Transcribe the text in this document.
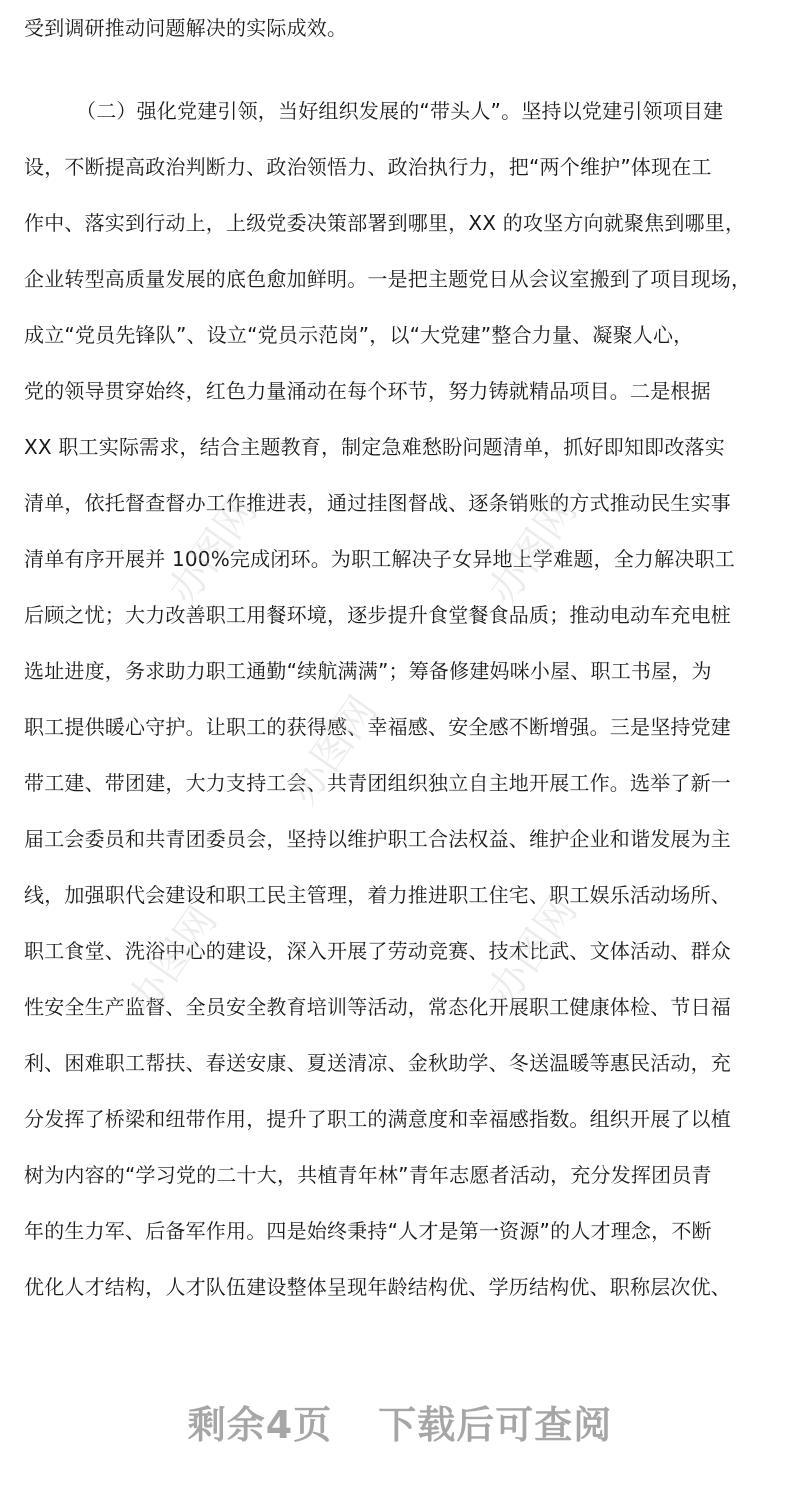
受到调研推动问题解决的实际成效。
（二）强化党建引领，当好组织发展的“带头人”。坚持以党建引领项目建
设，不断提高政治判断力、政治领悟力、政治执行力，把“两个维护”体现在工
作中、落实到行动上，上级党委决策部署到哪里，XX 的攻坚方向就聚焦到哪里，
企业转型高质量发展的底色愈加鲜明。一是把主题党日从会议室搬到了项目现场，
成立“党员先锋队”、设立“党员示范岗”，以“大党建”整合力量、凝聚人心，
党的领导贯穿始终，红色力量涌动在每个环节，努力铸就精品项目。二是根据
XX 职工实际需求，结合主题教育，制定急难愁盼问题清单，抓好即知即改落实
清单，依托督查督办工作推进表，通过挂图督战、逐条销账的方式推动民生实事
清单有序开展并 100%完成闭环。为职工解决子女异地上学难题，全力解决职工
后顾之忧；大力改善职工用餐环境，逐步提升食堂餐食品质；推动电动车充电桩
选址进度，务求助力职工通勤“续航满满”；筹备修建妈咪小屋、职工书屋，为
职工提供暖心守护。让职工的获得感、幸福感、安全感不断增强。三是坚持党建
带工建、带团建，大力支持工会、共青团组织独立自主地开展工作。选举了新一
届工会委员和共青团委员会，坚持以维护职工合法权益、维护企业和谐发展为主
线，加强职代会建设和职工民主管理，着力推进职工住宅、职工娱乐活动场所、
职工食堂、洗浴中心的建设，深入开展了劳动竞赛、技术比武、文体活动、群众
性安全生产监督、全员安全教育培训等活动，常态化开展职工健康体检、节日福
利、困难职工帮扶、春送安康、夏送清凉、金秋助学、冬送温暖等惠民活动，充
分发挥了桥梁和纽带作用，提升了职工的满意度和幸福感指数。组织开展了以植
树为内容的“学习党的二十大，共植青年林”青年志愿者活动，充分发挥团员青
年的生力军、后备军作用。四是始终秉持“人才是第一资源”的人才理念，不断
优化人才结构，人才队伍建设整体呈现年龄结构优、学历结构优、职称层次优、
办图网	办图网
办图网
办图网	办图网
剩余4页 下载后可查阅
